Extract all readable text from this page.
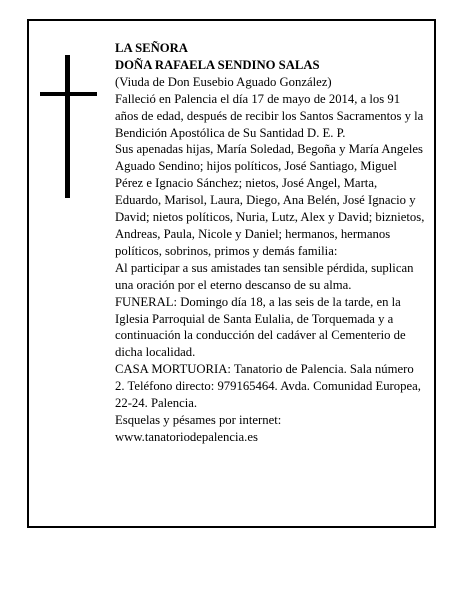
LA SEÑORA

DOÑA RAFAELA SENDINO SALAS

(Viuda de Don Eusebio Aguado González)

Falleció en Palencia el día 17 de mayo de 2014, a los 91 años de edad, después de recibir los Santos Sacramentos y la Bendición Apostólica de Su Santidad D. E. P.

Sus apenadas hijas, María Soledad, Begoña y María Angeles Aguado Sendino; hijos políticos, José Santiago, Miguel Pérez e Ignacio Sánchez; nietos, José Angel, Marta, Eduardo, Marisol, Laura, Diego, Ana Belén, José Ignacio y David; nietos políticos, Nuria, Lutz, Alex y David; biznietos, Andreas, Paula, Nicole y Daniel; hermanos, hermanos políticos, sobrinos, primos y demás familia:

Al participar a sus amistades tan sensible pérdida, suplican una oración por el eterno descanso de su alma.

FUNERAL: Domingo día 18, a las seis de la tarde, en la Iglesia Parroquial de Santa Eulalia, de Torquemada y a continuación la conducción del cadáver al Cementerio de dicha localidad.

CASA MORTUORIA: Tanatorio de Palencia. Sala número 2. Teléfono directo: 979165464. Avda. Comunidad Europea, 22-24. Palencia.

Esquelas y pésames por internet:

www.tanatoriodepalencia.es
